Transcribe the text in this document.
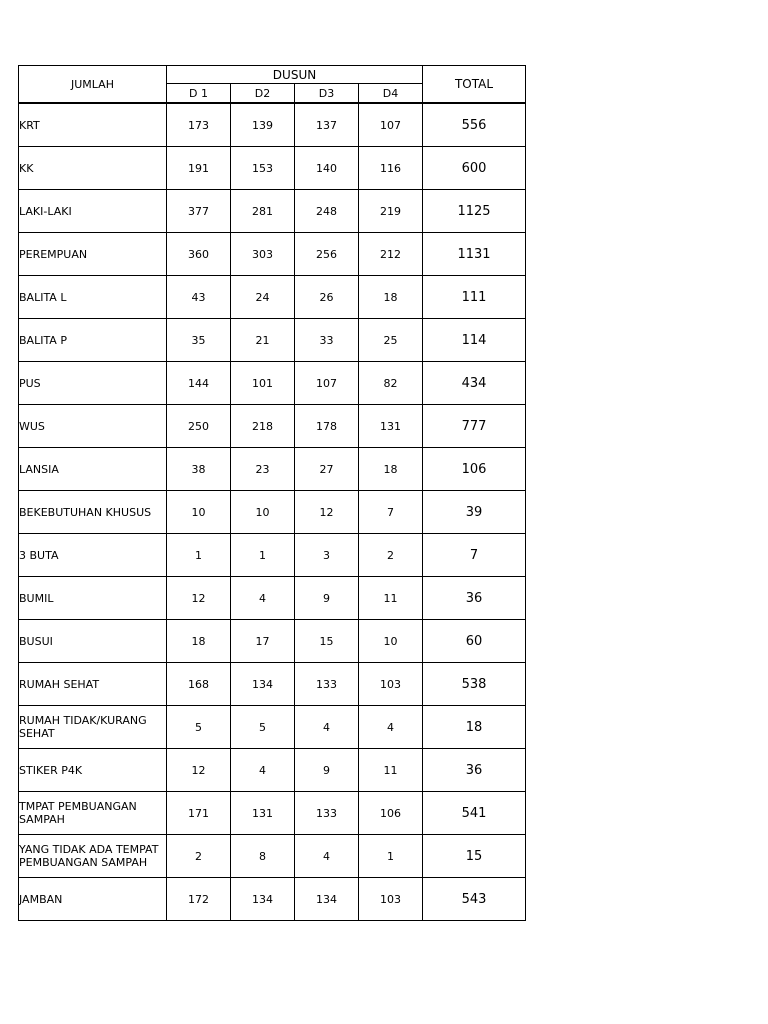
JUMLAH	DUSUN				TOTAL
	D 1	D2	D3	D4	
KRT	173	139	137	107	556
KK	191	153	140	116	600
LAKI-LAKI	377	281	248	219	1125
PEREMPUAN	360	303	256	212	1131
BALITA L	43	24	26	18	111
BALITA P	35	21	33	25	114
PUS	144	101	107	82	434
WUS	250	218	178	131	777
LANSIA	38	23	27	18	106
BEKEBUTUHAN KHUSUS	10	10	12	7	39
3 BUTA	1	1	3	2	7
BUMIL	12	4	9	11	36
BUSUI	18	17	15	10	60
RUMAH SEHAT	168	134	133	103	538
RUMAH TIDAK/KURANG SEHAT	5	5	4	4	18
STIKER P4K	12	4	9	11	36
TMPAT PEMBUANGAN SAMPAH	171	131	133	106	541
YANG TIDAK ADA TEMPAT PEMBUANGAN SAMPAH	2	8	4	1	15
JAMBAN	172	134	134	103	543
